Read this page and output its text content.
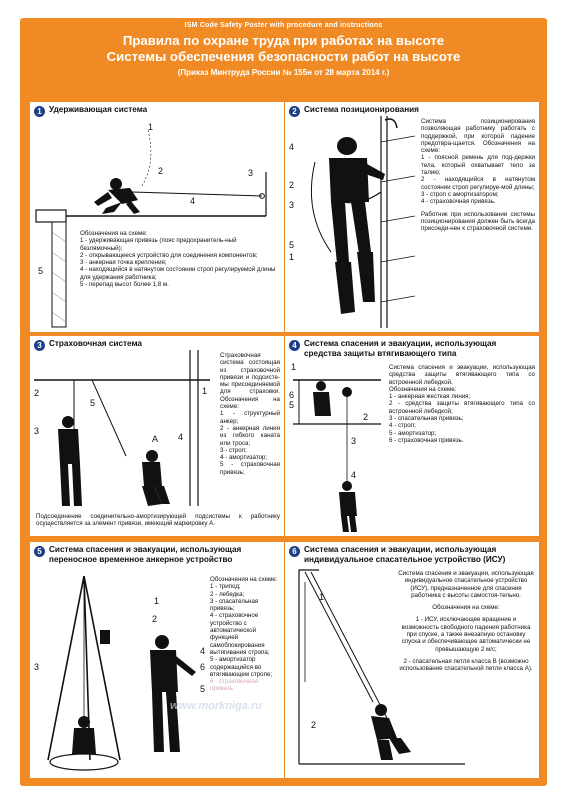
ISM Code Safety Poster with procedure and instructions
Правила по охране труда при работах на высоте
Системы обеспечения безопасности работ на высоте
(Приказ Минтруда России № 155н от 28 марта 2014 г.)
1 Удерживающая система
1
2	3
4
5

Обозначения на схеме:

1 - удерживающая привязь (пояс предохранитель-ный безлямочный);

2 - открывающееся устройство для соединения компонентов;

3 - анкерная точка крепления;

4 - находящийся в натянутом состоянии строп регулируемой длины для удержания работника;

5 - перепад высот более 1,8 м.

2 Система позиционирования
1
2
3
4
5

Система позиционирования позволяющая работнику работать с поддержкой, при которой падение предотвра-щается. Обозначения на схеме:

1 - поясной ремень для под-держки тела, который охватывает тело за талию;

2 - находящийся в натянутом состоянии строп регулируе-мой длины;

3 - строп с амортизатором;

4 - страховочная привязь.

Работник при использовании системы позиционирования должен быть всегда присоеди-нен к страховочной системе.

3 Страховочная система
1
2
3
4
5
А

Страховочная система состоящая из страховочной привязи и подсисте-мы присоединяемой для страховки. Обозначения на схеме:

1 - структурный анкер;

2 - анкерная линия из гибкого каната или троса;

3 - строп;

4 - амортизатор;

5 - страховочная привязь;

Подсоединение соединительно-амортизирующей подсистемы к работнику осуществляется за элемент привязи, имеющий маркировку А.
4 Система спасения и эвакуации, использующая средства защиты втягивающего типа
1
2
3
4
5
6

Система спасения и эвакуации, использующая средства защиты втягивающего типа со встроенной лебедкой.

Обозначения на схеме:

1 - анкерная жесткая линия;

2 - средства защиты втягивающего типа со встроенной лебедкой;

3 - спасательная привязь;

4 - строп;

5 - амортизатор;

6 - страховочная привязь.

5 Система спасения и эвакуации, использующая переносное временное анкерное устройство
1
2
3
4
5
6

Обозначения на схеме:

1 - трипод;

2 - лебедка;

3 - спасательная привязь;

4 - страховочное устройство с автоматической функцией самоблокирования вытягивания стропа;

5 - амортизатор содержащийся во втягивающем стропе;

6 - страховочная привязь

6 Система спасения и эвакуации, использующая индивидуальное спасательное устройство (ИСУ)
1
2

Система спасения и эвакуации, использующая индивидуальное спасательное устройство (ИСУ), предназначенное для спасения работника с высоты самостоя-тельно.

Обозначения на схеме:

1 - ИСУ, исключающее вращение и возможность свободного падения работника при спуске, а также внезапную остановку спуска и обеспечивающее автоматически не превышающую 2 м/с;

2 - спасательная петля класса В (возможно использование спасательной петли класса А).

www.morkniga.ru
